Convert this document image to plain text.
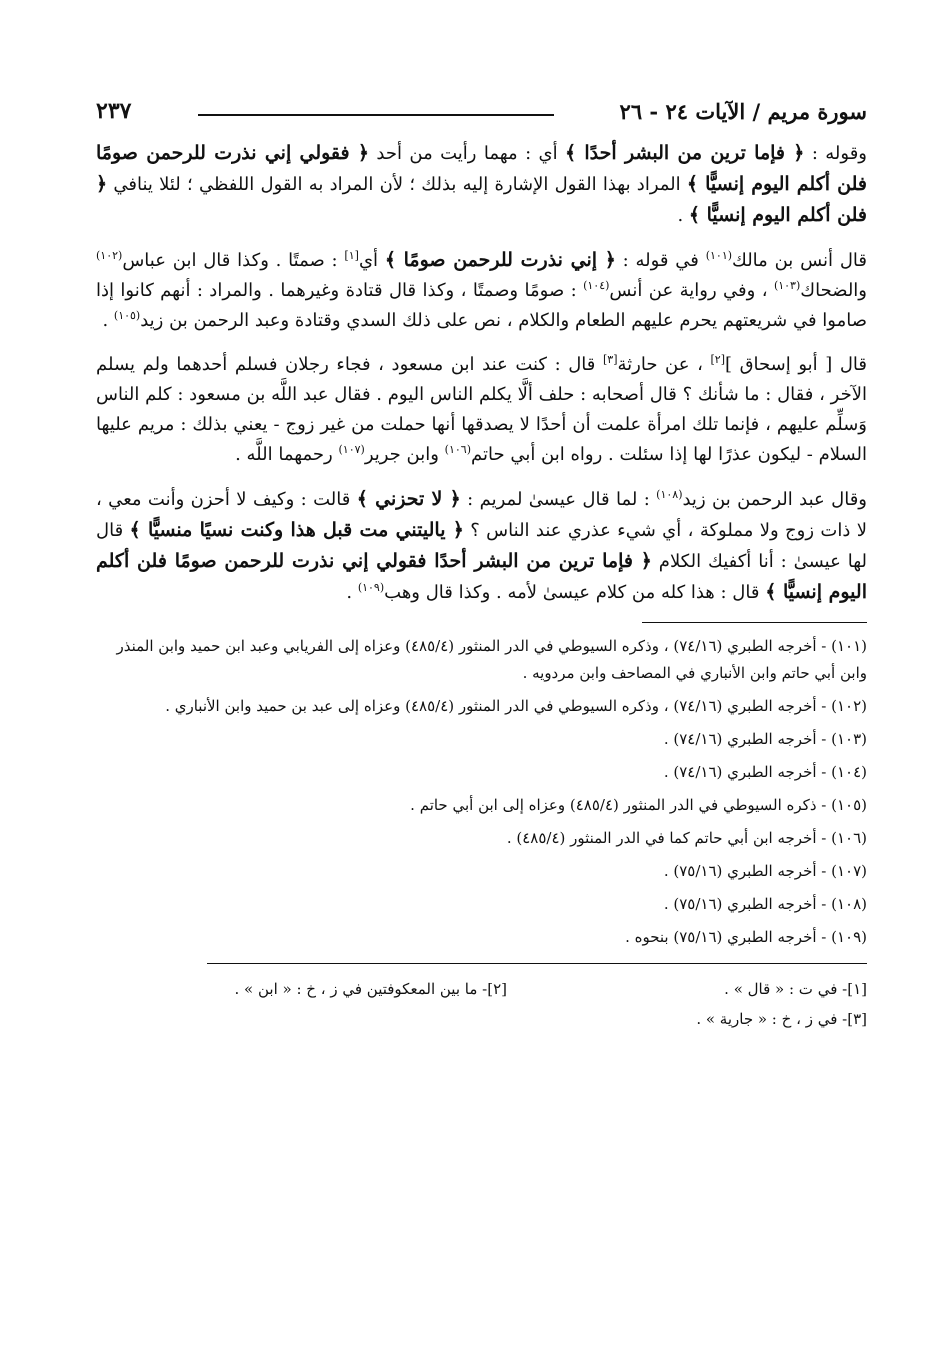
سورة مريم / الآيات ٢٤ - ٢٦
٢٣٧

وقوله : ﴿ فإما ترين من البشر أحدًا ﴾ أي : مهما رأيت من أحد ﴿ فقولي إني نذرت للرحمن صومًا فلن أكلم اليوم إنسيًّا ﴾ المراد بهذا القول الإشارة إليه بذلك ؛ لأن المراد به القول اللفظي ؛ لئلا ينافي ﴿ فلن أكلم اليوم إنسيًّا ﴾ .

قال أنس بن مالك$^{(١٠١)}$ في قوله : ﴿ إني نذرت للرحمن صومًا ﴾ أي[١] : صمتًا . وكذا قال ابن عباس$^{(١٠٢)}$ والضحاك$^{(١٠٣)}$ ، وفي رواية عن أنس$^{(١٠٤)}$ : صومًا وصمتًا ، وكذا قال قتادة وغيرهما . والمراد : أنهم كانوا إذا صاموا في شريعتهم يحرم عليهم الطعام والكلام ، نص على ذلك السدي وقتادة وعبد الرحمن بن زيد$^{(١٠٥)}$ .

قال [ أبو إسحاق ][٢] ، عن حارثة[٣] قال : كنت عند ابن مسعود ، فجاء رجلان فسلم أحدهما ولم يسلم الآخر ، فقال : ما شأنك ؟ قال أصحابه : حلف ألَّا يكلم الناس اليوم . فقال عبد اللَّه بن مسعود : كلم الناس وَسلِّم عليهم ، فإنما تلك امرأة علمت أن أحدًا لا يصدقها أنها حملت من غير زوج - يعني بذلك : مريم عليها السلام - ليكون عذرًا لها إذا سئلت . رواه ابن أبي حاتم$^{(١٠٦)}$ وابن جرير$^{(١٠٧)}$ رحمهما اللَّه .

وقال عبد الرحمن بن زيد$^{(١٠٨)}$ : لما قال عيسىٰ لمريم : ﴿ لا تحزني ﴾ قالت : وكيف لا أحزن وأنت معي ، لا ذات زوج ولا مملوكة ، أي شيء عذري عند الناس ؟ ﴿ ياليتني مت قبل هذا وكنت نسيًا منسيًّا ﴾ قال لها عيسىٰ : أنا أكفيك الكلام ﴿ فإما ترين من البشر أحدًا فقولي إني نذرت للرحمن صومًا فلن أكلم اليوم إنسيًّا ﴾ قال : هذا كله من كلام عيسىٰ لأمه . وكذا قال وهب$^{(١٠٩)}$ .

(١٠١) - أخرجه الطبري (٧٤/١٦) ، وذكره السيوطي في الدر المنثور (٤٨٥/٤) وعزاه إلى الفريابي وعبد ابن حميد وابن المنذر وابن أبي حاتم وابن الأنباري في المصاحف وابن مردويه .

(١٠٢) - أخرجه الطبري (٧٤/١٦) ، وذكره السيوطي في الدر المنثور (٤٨٥/٤) وعزاه إلى عبد بن حميد وابن الأنباري .

(١٠٣) - أخرجه الطبري (٧٤/١٦) .

(١٠٤) - أخرجه الطبري (٧٤/١٦) .

(١٠٥) - ذكره السيوطي في الدر المنثور (٤٨٥/٤) وعزاه إلى ابن أبي حاتم .

(١٠٦) - أخرجه ابن أبي حاتم كما في الدر المنثور (٤٨٥/٤) .

(١٠٧) - أخرجه الطبري (٧٥/١٦) .

(١٠٨) - أخرجه الطبري (٧٥/١٦) .

(١٠٩) - أخرجه الطبري (٧٥/١٦) بنحوه .

[١]- في ت : « قال » .
[٢]- ما بين المعكوفتين في ز ، خ : « ابن » .
[٣]- في ز ، خ : « جارية » .
